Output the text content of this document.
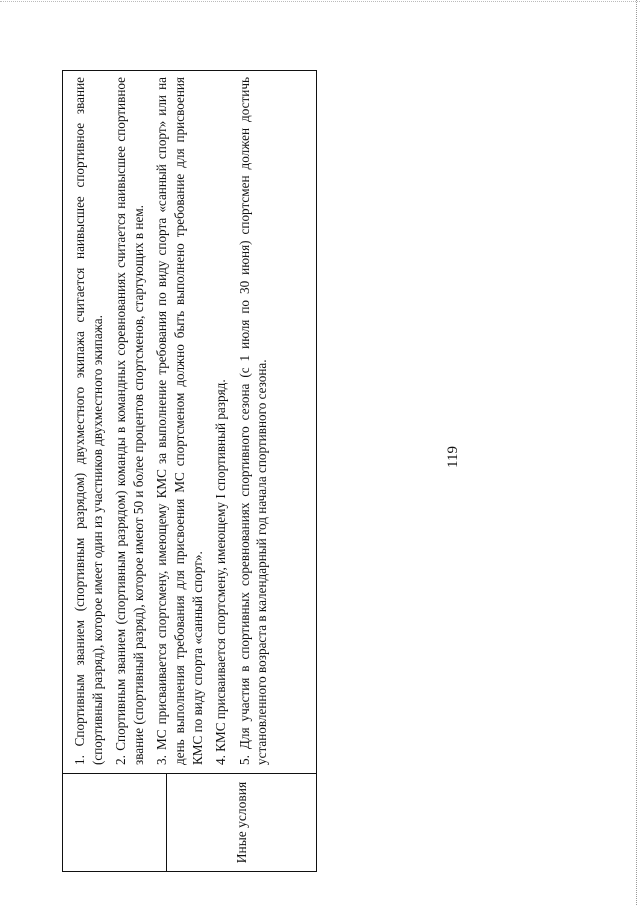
119
Иные условия

1. Спортивным званием (спортивным разрядом) двухместного экипажа считается наивысшее спортивное звание (спортивный разряд), которое имеет один из участников двухместного экипажа. 2. Спортивным званием (спортивным разрядом) команды в командных соревнованиях считается наивысшее спортивное звание (спортивный разряд), которое имеют 50 и более процентов спортсменов, стартующих в нем. 3. МС присваивается спортсмену, имеющему КМС за выполнение требования по виду спорта «санный спорт» или на день выполнения требования для присвоения МС спортсменом должно быть выполнено требование для присвоения КМС по виду спорта «санный спорт». 4. КМС присваивается спортсмену, имеющему I спортивный разряд. 5. Для участия в спортивных соревнованиях спортивного сезона (с 1 июля по 30 июня) спортсмен должен достичь установленного возраста в календарный год начала спортивного сезона.
